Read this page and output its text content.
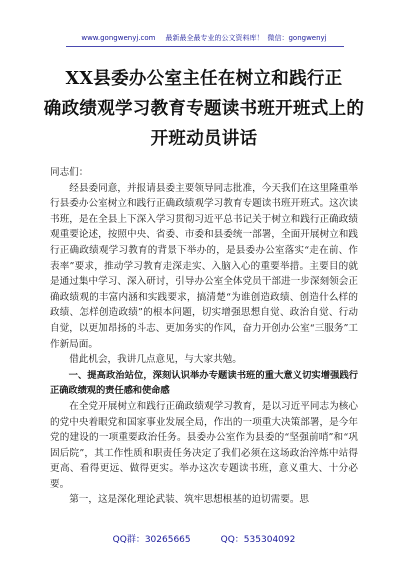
www.gongwenyj.com 最新最全最专业的公文资料库！ 微信：gongwenyj
XX县委办公室主任在树立和践行正
确政绩观学习教育专题读书班开班式上的
开班动员讲话

同志们：

经县委同意，并报请县委主要领导同志批准，今天我们在这里隆重举行县委办公室树立和践行正确政绩观学习教育专题读书班开班式。这次读书班，是在全县上下深入学习贯彻习近平总书记关于树立和践行正确政绩观重要论述，按照中央、省委、市委和县委统一部署，全面开展树立和践行正确政绩观学习教育的背景下举办的，是县委办公室落实“走在前、作表率”要求，推动学习教育走深走实、入脑入心的重要举措。主要目的就是通过集中学习、深入研讨，引导办公室全体党员干部进一步深刻领会正确政绩观的丰富内涵和实践要求，搞清楚“为谁创造政绩、创造什么样的政绩、怎样创造政绩”的根本问题，切实增强思想自觉、政治自觉、行动自觉，以更加昂扬的斗志、更加务实的作风，奋力开创办公室“三服务”工作新局面。

借此机会，我讲几点意见，与大家共勉。

一、提高政治站位，深刻认识举办专题读书班的重大意义切实增强践行正确政绩观的责任感和使命感

在全党开展树立和践行正确政绩观学习教育，是以习近平同志为核心的党中央着眼党和国家事业发展全局，作出的一项重大决策部署，是今年党的建设的一项重要政治任务。县委办公室作为县委的“坚强前哨”和“巩固后院”，其工作性质和职责任务决定了我们必须在这场政治淬炼中站得更高、看得更远、做得更实。举办这次专题读书班，意义重大、十分必要。

第一，这是深化理论武装、筑牢思想根基的迫切需要。思

QQ群：30265665	QQ：535304092
